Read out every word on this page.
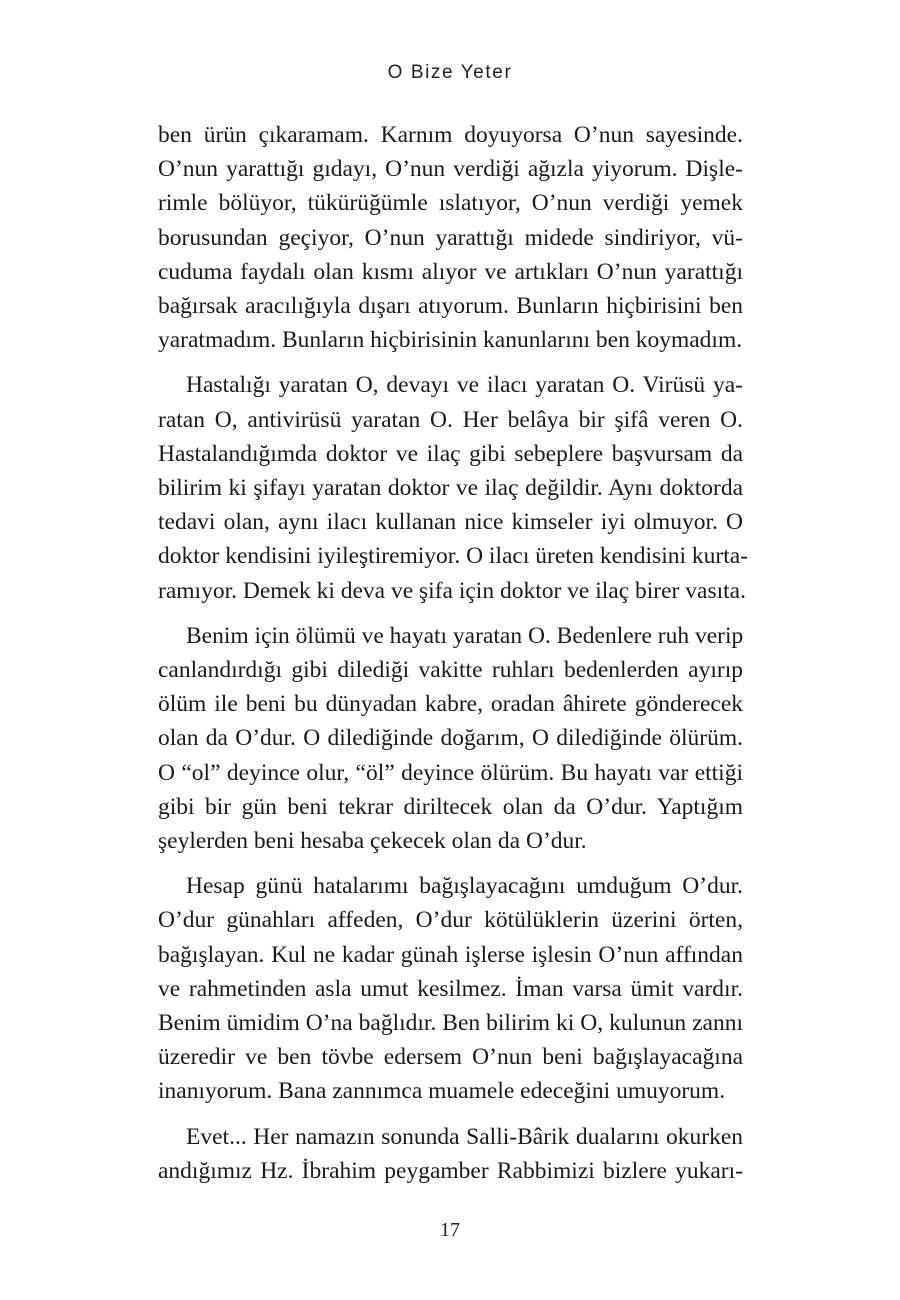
O Bize Yeter

ben ürün çıkaramam. Karnım doyuyorsa O’nun sayesinde.
O’nun yarattığı gıdayı, O’nun verdiği ağızla yiyorum. Dişle-
rimle bölüyor, tükürüğümle ıslatıyor, O’nun verdiği yemek
borusundan geçiyor, O’nun yarattığı midede sindiriyor, vü-
cuduma faydalı olan kısmı alıyor ve artıkları O’nun yarattığı
bağırsak aracılığıyla dışarı atıyorum. Bunların hiçbirisini ben
yaratmadım. Bunların hiçbirisinin kanunlarını ben koymadım.

Hastalığı yaratan O, devayı ve ilacı yaratan O. Virüsü ya-
ratan O, antivirüsü yaratan O. Her belâya bir şifâ veren O.
Hastalandığımda doktor ve ilaç gibi sebeplere başvursam da
bilirim ki şifayı yaratan doktor ve ilaç değildir. Aynı doktorda
tedavi olan, aynı ilacı kullanan nice kimseler iyi olmuyor. O
doktor kendisini iyileştiremiyor. O ilacı üreten kendisini kurta-
ramıyor. Demek ki deva ve şifa için doktor ve ilaç birer vasıta.

Benim için ölümü ve hayatı yaratan O. Bedenlere ruh verip
canlandırdığı gibi dilediği vakitte ruhları bedenlerden ayırıp
ölüm ile beni bu dünyadan kabre, oradan âhirete gönderecek
olan da O’dur. O dilediğinde doğarım, O dilediğinde ölürüm.
O “ol” deyince olur, “öl” deyince ölürüm. Bu hayatı var ettiği
gibi bir gün beni tekrar diriltecek olan da O’dur. Yaptığım
şeylerden beni hesaba çekecek olan da O’dur.

Hesap günü hatalarımı bağışlayacağını umduğum O’dur.
O’dur günahları affeden, O’dur kötülüklerin üzerini örten,
bağışlayan. Kul ne kadar günah işlerse işlesin O’nun affından
ve rahmetinden asla umut kesilmez. İman varsa ümit vardır.
Benim ümidim O’na bağlıdır. Ben bilirim ki O, kulunun zannı
üzeredir ve ben tövbe edersem O’nun beni bağışlayacağına
inanıyorum. Bana zannımca muamele edeceğini umuyorum.

Evet... Her namazın sonunda Salli-Bârik dualarını okurken
andığımız Hz. İbrahim peygamber Rabbimizi bizlere yukarı-

17
